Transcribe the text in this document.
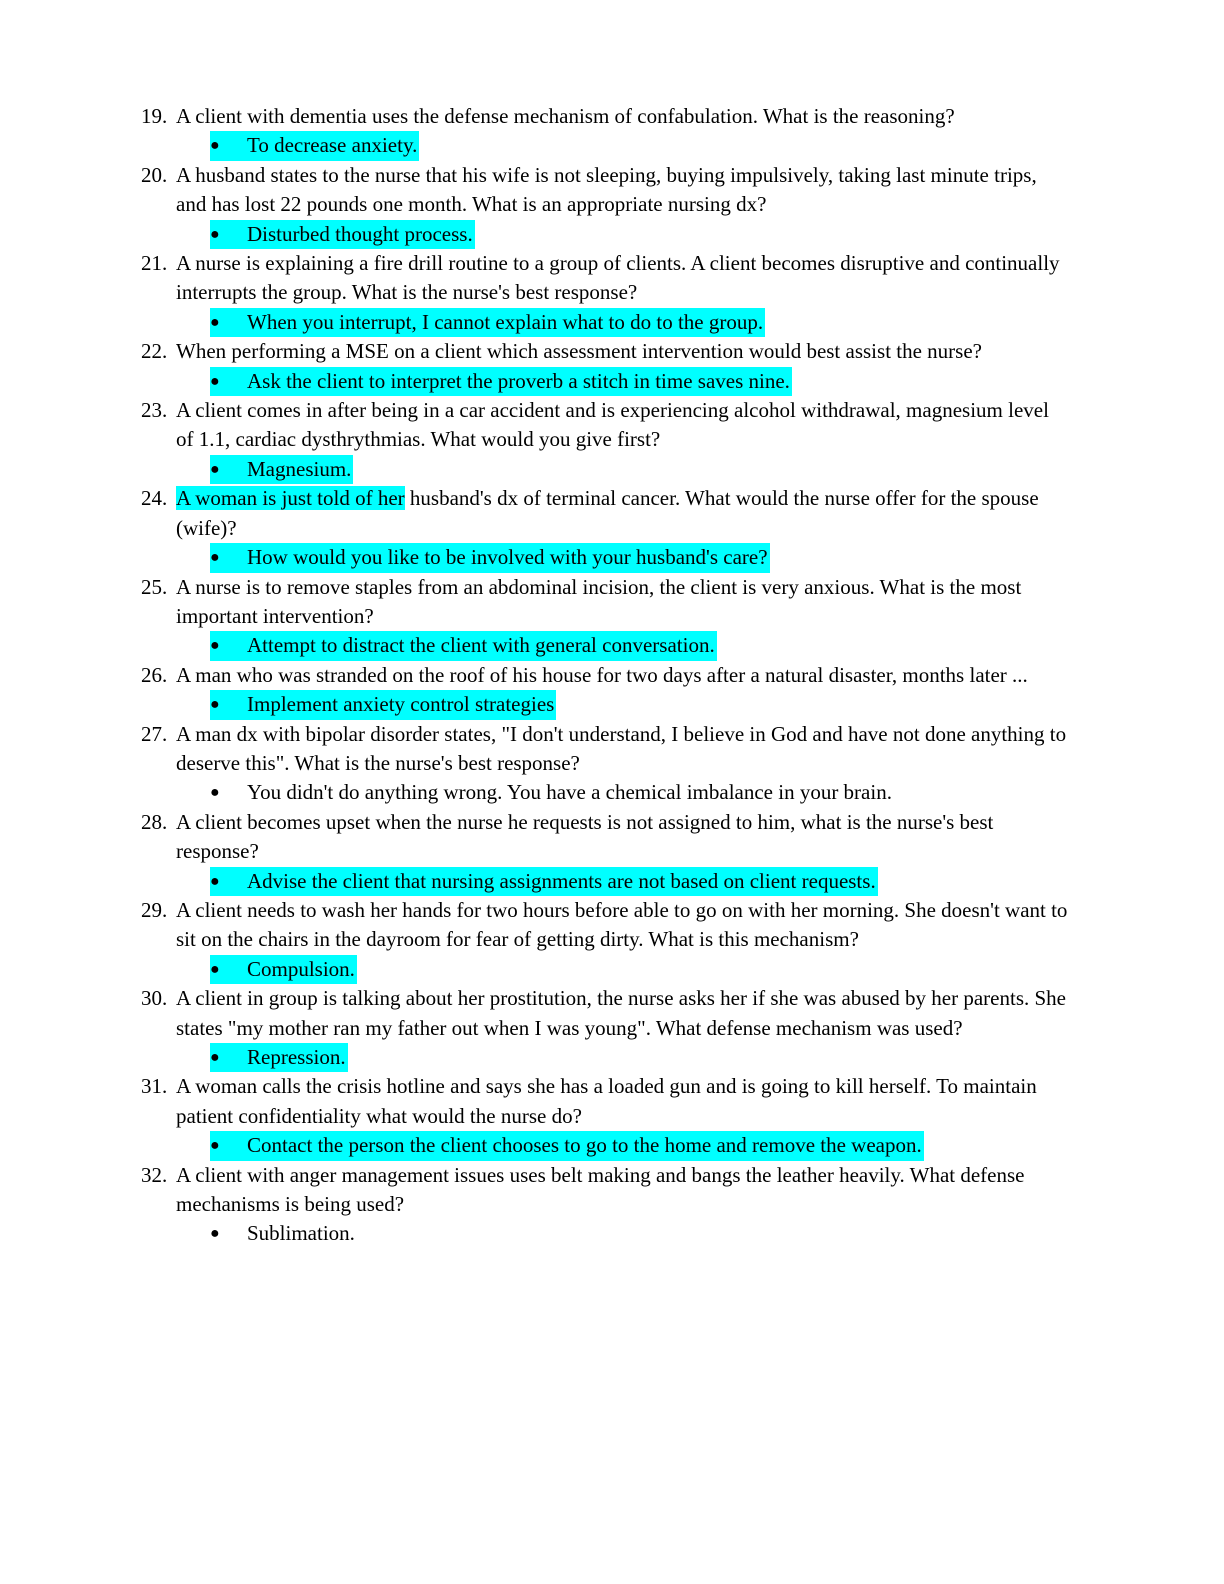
19. A client with dementia uses the defense mechanism of confabulation. What is the reasoning?
●	To decrease anxiety.
20. A husband states to the nurse that his wife is not sleeping, buying impulsively, taking last minute trips, and has lost 22 pounds one month. What is an appropriate nursing dx?
●	Disturbed thought process.
21. A nurse is explaining a fire drill routine to a group of clients. A client becomes disruptive and continually interrupts the group. What is the nurse's best response?
●	When you interrupt, I cannot explain what to do to the group.
22. When performing a MSE on a client which assessment intervention would best assist the nurse?
●	Ask the client to interpret the proverb a stitch in time saves nine.
23. A client comes in after being in a car accident and is experiencing alcohol withdrawal, magnesium level of 1.1, cardiac dysthrythmias. What would you give first?
●	Magnesium.
24. A woman is just told of her husband's dx of terminal cancer. What would the nurse offer for the spouse (wife)?
●	How would you like to be involved with your husband's care?
25. A nurse is to remove staples from an abdominal incision, the client is very anxious. What is the most important intervention?
●	Attempt to distract the client with general conversation.
26. A man who was stranded on the roof of his house for two days after a natural disaster, months later ...
●	Implement anxiety control strategies
27. A man dx with bipolar disorder states, "I don't understand, I believe in God and have not done anything to deserve this". What is the nurse's best response?
●	You didn't do anything wrong. You have a chemical imbalance in your brain.
28. A client becomes upset when the nurse he requests is not assigned to him, what is the nurse's best response?
●	Advise the client that nursing assignments are not based on client requests.
29. A client needs to wash her hands for two hours before able to go on with her morning. She doesn't want to sit on the chairs in the dayroom for fear of getting dirty. What is this mechanism?
●	Compulsion.
30. A client in group is talking about her prostitution, the nurse asks her if she was abused by her parents. She states "my mother ran my father out when I was young". What defense mechanism was used?
●	Repression.
31. A woman calls the crisis hotline and says she has a loaded gun and is going to kill herself. To maintain patient confidentiality what would the nurse do?
●	Contact the person the client chooses to go to the home and remove the weapon.
32. A client with anger management issues uses belt making and bangs the leather heavily. What defense mechanisms is being used?
●	Sublimation.
